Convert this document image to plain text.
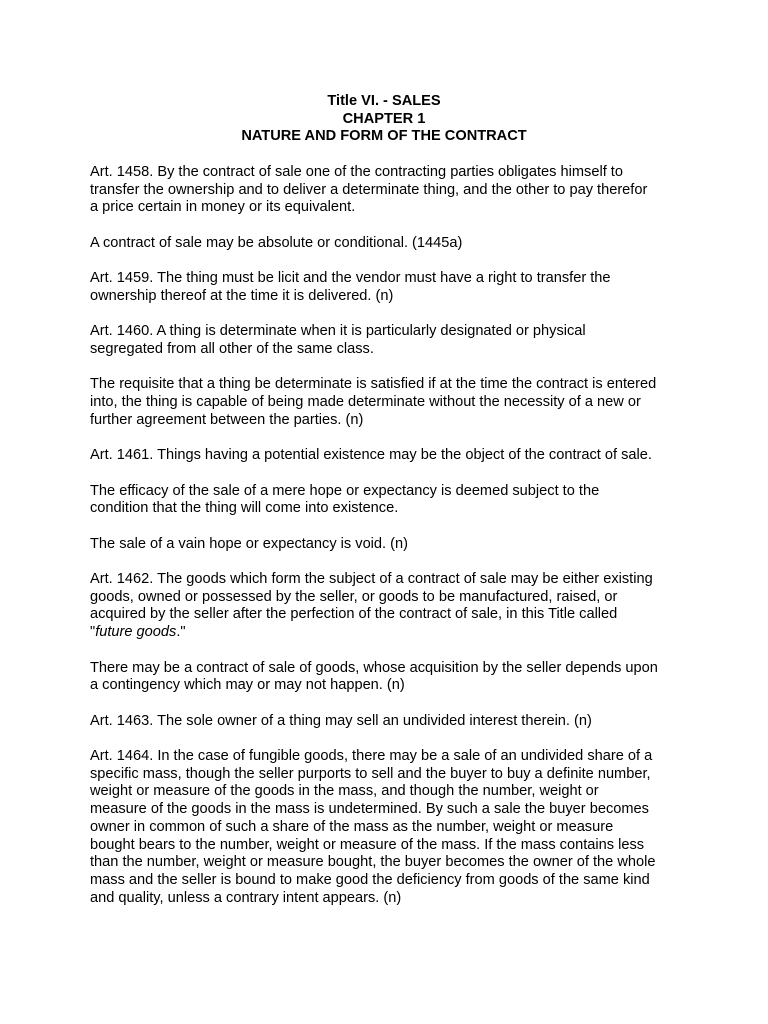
Title VI. - SALES
CHAPTER 1
NATURE AND FORM OF THE CONTRACT
Art. 1458. By the contract of sale one of the contracting parties obligates himself to
transfer the ownership and to deliver a determinate thing, and the other to pay therefor
a price certain in money or its equivalent.
A contract of sale may be absolute or conditional. (1445a)
Art. 1459. The thing must be licit and the vendor must have a right to transfer the
ownership thereof at the time it is delivered. (n)
Art. 1460. A thing is determinate when it is particularly designated or physical
segregated from all other of the same class.
The requisite that a thing be determinate is satisfied if at the time the contract is entered
into, the thing is capable of being made determinate without the necessity of a new or
further agreement between the parties. (n)
Art. 1461. Things having a potential existence may be the object of the contract of sale.
The efficacy of the sale of a mere hope or expectancy is deemed subject to the
condition that the thing will come into existence.
The sale of a vain hope or expectancy is void. (n)
Art. 1462. The goods which form the subject of a contract of sale may be either existing
goods, owned or possessed by the seller, or goods to be manufactured, raised, or
acquired by the seller after the perfection of the contract of sale, in this Title called
"future goods."
There may be a contract of sale of goods, whose acquisition by the seller depends upon
a contingency which may or may not happen. (n)
Art. 1463. The sole owner of a thing may sell an undivided interest therein. (n)
Art. 1464. In the case of fungible goods, there may be a sale of an undivided share of a
specific mass, though the seller purports to sell and the buyer to buy a definite number,
weight or measure of the goods in the mass, and though the number, weight or
measure of the goods in the mass is undetermined. By such a sale the buyer becomes
owner in common of such a share of the mass as the number, weight or measure
bought bears to the number, weight or measure of the mass. If the mass contains less
than the number, weight or measure bought, the buyer becomes the owner of the whole
mass and the seller is bound to make good the deficiency from goods of the same kind
and quality, unless a contrary intent appears. (n)
